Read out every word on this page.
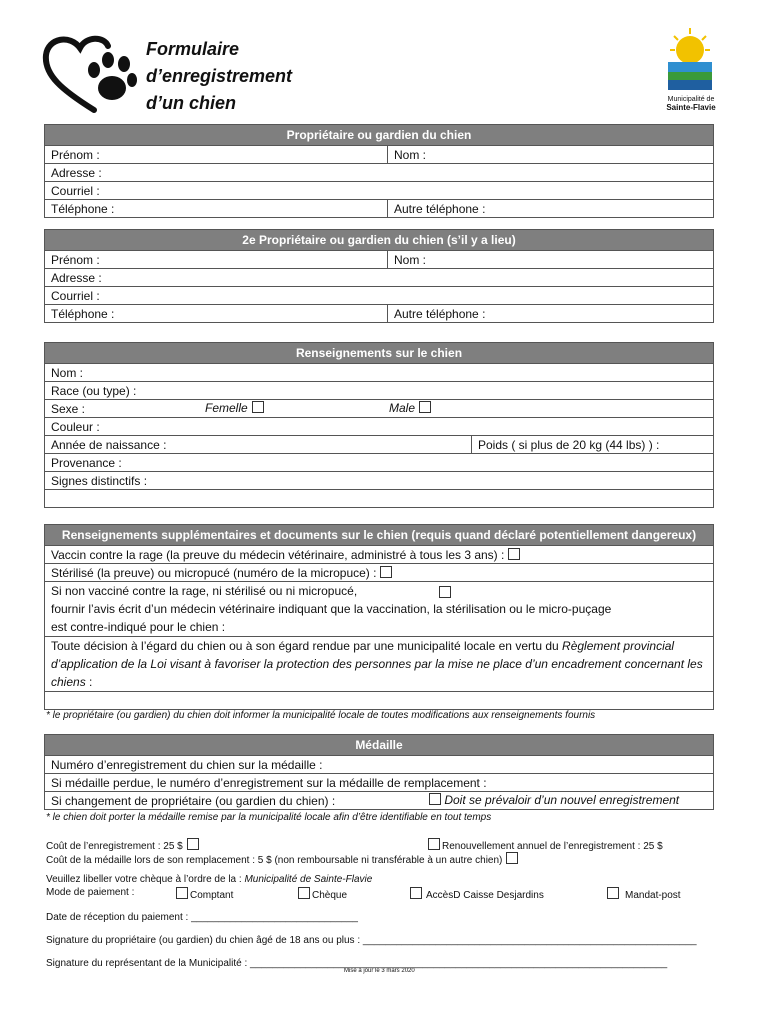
Formulaire
d’enregistrement
d’un chien	Municipalité de
Sainte-Flavie
Propriétaire ou gardien du chien	
Prénom :	Nom :
Adresse :	
Courriel :	
Téléphone :	Autre téléphone :
2e Propriétaire ou gardien du chien (s’il y a lieu)	
Prénom :	Nom :
Adresse :	
Courriel :	
Téléphone :	Autre téléphone :
Renseignements sur le chien
Nom :
Race (ou type) :
Sexe :	Femelle	Male

Couleur :
Année de naissance :	Poids ( si plus de 20 kg (44 lbs) ) :
Provenance :
Signes distinctifs :

Renseignements supplémentaires et documents sur le chien (requis quand déclaré potentiellement dangereux)
Vaccin contre la rage (la preuve du médecin vétérinaire, administré à tous les 3 ans) :
Stérilisé (la preuve) ou micropucé (numéro de la micropuce) :

Si non vacciné contre la rage, ni stérilisé ou ni micropucé,
fournir l’avis écrit d’un médecin vétérinaire indiquant que la vaccination, la stérilisation ou le micro-puçage
est contre-indiqué pour le chien :

Toute décision à l’égard du chien ou à son égard rendue par une municipalité locale en vertu du Règlement provincial d’application de la Loi visant à favoriser la protection des personnes par la mise ne place d’un encadrement concernant les chiens :

* le propriétaire (ou gardien) du chien doit informer la municipalité locale de toutes modifications aux renseignements fournis
Médaille
Numéro d’enregistrement du chien sur la médaille :
Si médaille perdue, le numéro d’enregistrement sur la médaille de remplacement :
Si changement de propriétaire (ou gardien du chien) :	Doit se prévaloir d’un nouvel enregistrement
* le chien doit porter la médaille remise par la municipalité locale afin d’être identifiable en tout temps
Coût de l’enregistrement : 25 $	Renouvellement annuel de l’enregistrement : 25 $
Coût de la médaille lors de son remplacement : 5 $ (non remboursable ni transférable à un autre chien)
Veuillez libeller votre chèque à l’ordre de la : Municipalité de Sainte-Flavie
Mode de paiement :	Comptant	Chèque	AccèsD Caisse Desjardins	Mandat-post
Date de réception du paiement : ______________________________
Signature du propriétaire (ou gardien) du chien âgé de 18 ans ou plus : ____________________________________________________________
Signature du représentant de la Municipalité : ___________________________________________________________________________
Mise à jour le 3 mars 2020
